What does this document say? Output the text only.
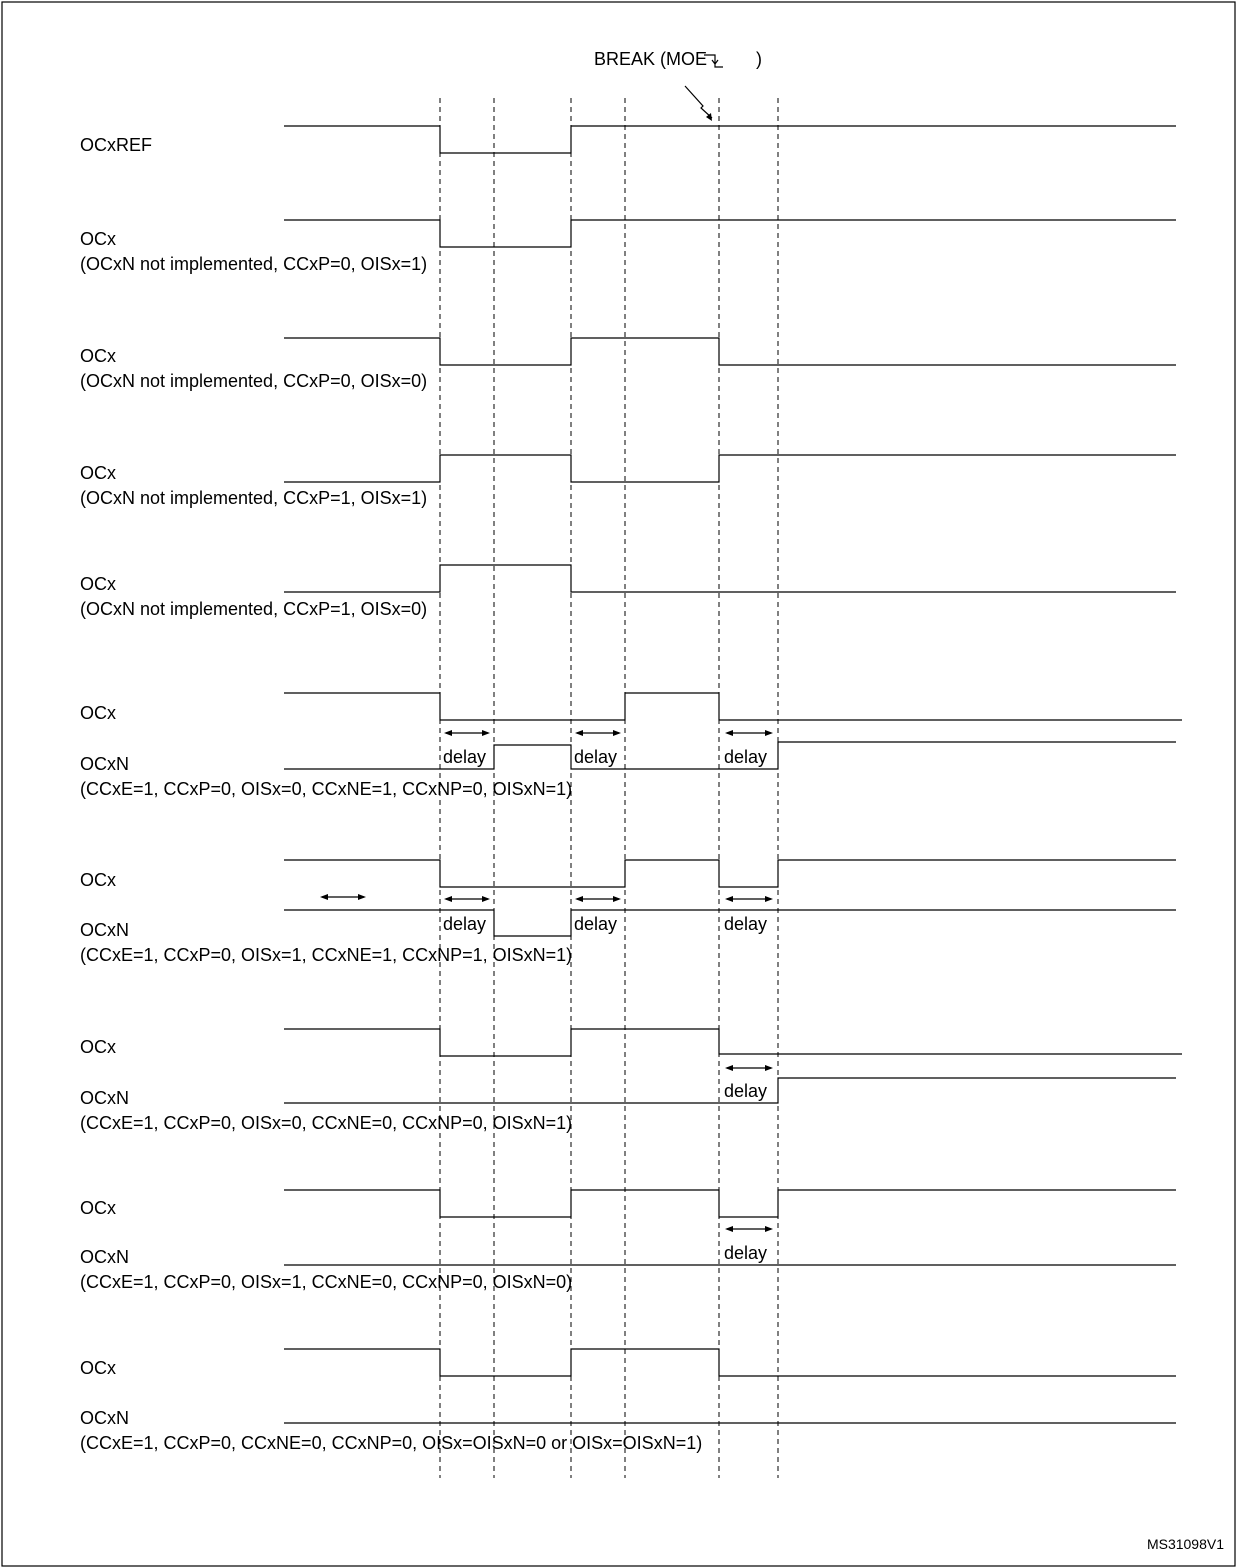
BREAK (MOE	)
OCxREF
OCx
(OCxN not implemented, CCxP=0, OISx=1)
OCx
(OCxN not implemented, CCxP=0, OISx=0)
OCx
(OCxN not implemented, CCxP=1, OISx=1)
OCx
(OCxN not implemented, CCxP=1, OISx=0)
OCx
OCxN
(CCxE=1, CCxP=0, OISx=0, CCxNE=1, CCxNP=0, OISxN=1)
OCx
OCxN
(CCxE=1, CCxP=0, OISx=1, CCxNE=1, CCxNP=1, OISxN=1)
OCx
OCxN
(CCxE=1, CCxP=0, OISx=0, CCxNE=0, CCxNP=0, OISxN=1)
OCx
OCxN
(CCxE=1, CCxP=0, OISx=1, CCxNE=0, CCxNP=0, OISxN=0)
OCx
OCxN
(CCxE=1, CCxP=0, CCxNE=0, CCxNP=0, OISx=OISxN=0 or OISx=OISxN=1)
delay	delay	delay
delay	delay	delay
delay
delay
MS31098V1
